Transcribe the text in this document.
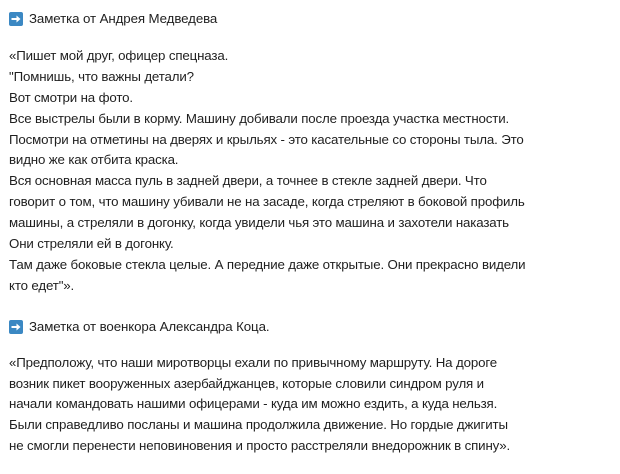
Заметка от Андрея Медведева
«Пишет мой друг, офицер спецназа.
"Помнишь, что важны детали?
Вот смотри на фото.
Все выстрелы были в корму. Машину добивали после проезда участка местности.
Посмотри на отметины на дверях и крыльях - это касательные со стороны тыла. Это
видно же как отбита краска.
Вся основная масса пуль в задней двери, а точнее в стекле задней двери. Что
говорит о том, что машину убивали не на засаде, когда стреляют в боковой профиль
машины, а стреляли в догонку, когда увидели чья это машина и захотели наказать
Они стреляли ей в догонку.
Там даже боковые стекла целые. А передние даже открытые. Они прекрасно видели
кто едет"».
Заметка от военкора Александра Коца.
«Предположу, что наши миротворцы ехали по привычному маршруту. На дороге
возник пикет вооруженных азербайджанцев, которые словили синдром руля и
начали командовать нашими офицерами - куда им можно ездить, а куда нельзя.
Были справедливо посланы и машина продолжила движение. Но гордые джигиты
не смогли перенести неповиновения и просто расстреляли внедорожник в спину».
